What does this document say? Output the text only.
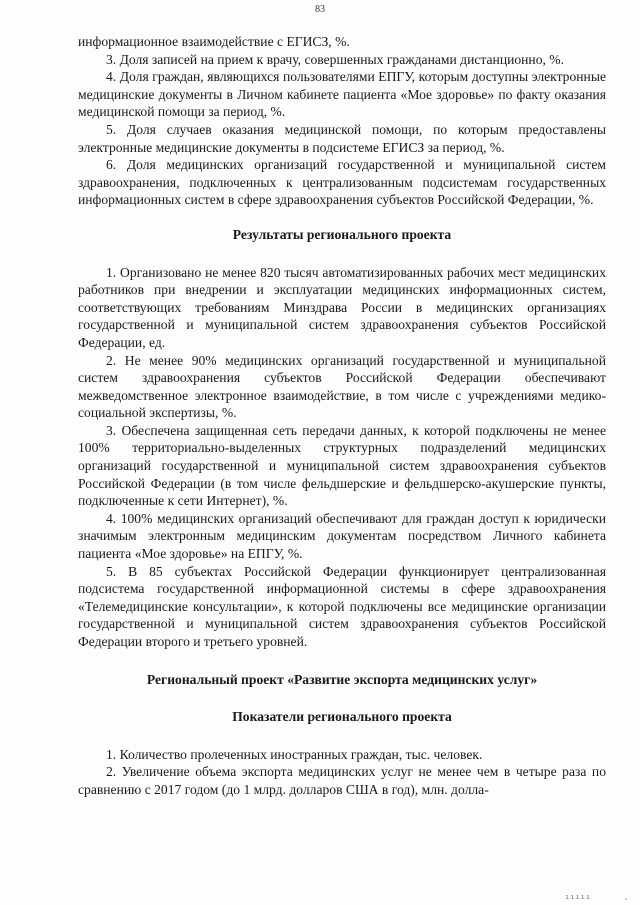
83

информационное взаимодействие с ЕГИСЗ, %.

3. Доля записей на прием к врачу, совершенных гражданами дистанционно, %.

4. Доля граждан, являющихся пользователями ЕПГУ, которым доступны электронные медицинские документы в Личном кабинете пациента «Мое здоровье» по факту оказания медицинской помощи за период, %.

5. Доля случаев оказания медицинской помощи, по которым предоставлены электронные медицинские документы в подсистеме ЕГИСЗ за период, %.

6. Доля медицинских организаций государственной и муниципальной систем здравоохранения, подключенных к централизованным подсистемам государственных информационных систем в сфере здравоохранения субъектов Российской Федерации, %.

Результаты регионального проекта

1. Организовано не менее 820 тысяч автоматизированных рабочих мест медицинских работников при внедрении и эксплуатации медицинских информационных систем, соответствующих требованиям Минздрава России в медицинских организациях государственной и муниципальной систем здравоохранения субъектов Российской Федерации, ед.

2. Не менее 90% медицинских организаций государственной и муниципальной систем здравоохранения субъектов Российской Федерации обеспечивают межведомственное электронное взаимодействие, в том числе с учреждениями медико-социальной экспертизы, %.

3. Обеспечена защищенная сеть передачи данных, к которой подключены не менее 100% территориально-выделенных структурных подразделений медицинских организаций государственной и муниципальной систем здравоохранения субъектов Российской Федерации (в том числе фельдшерские и фельдшерско-акушерские пункты, подключенные к сети Интернет), %.

4. 100% медицинских организаций обеспечивают для граждан доступ к юридически значимым электронным медицинским документам посредством Личного кабинета пациента «Мое здоровье» на ЕПГУ, %.

5. В 85 субъектах Российской Федерации функционирует централизованная подсистема государственной информационной системы в сфере здравоохранения «Телемедицинские консультации», к которой подключены все медицинские организации государственной и муниципальной систем здравоохранения субъектов Российской Федерации второго и третьего уровней.

Региональный проект «Развитие экспорта медицинских услуг»

Показатели регионального проекта

1. Количество пролеченных иностранных граждан, тыс. человек.

2. Увеличение объема экспорта медицинских услуг не менее чем в четыре раза по сравнению с 2017 годом (до 1 млрд. долларов США в год), млн. долла-

ııııı	‚
